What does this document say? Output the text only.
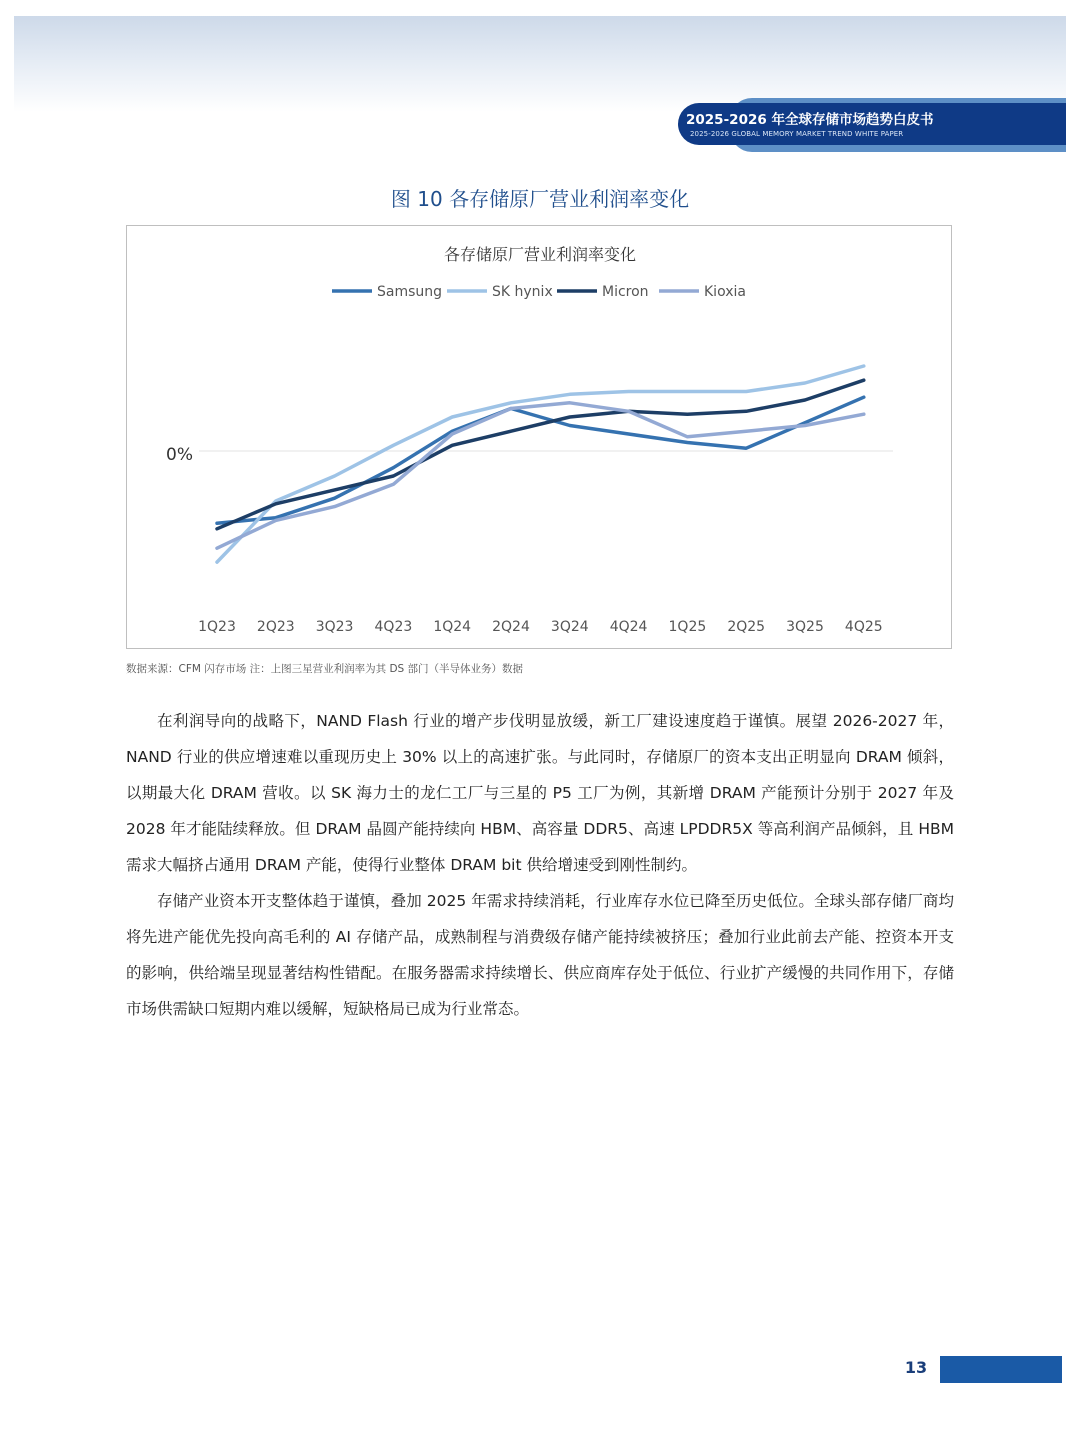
2025-2026 年全球存储市场趋势白皮书
2025-2026 GLOBAL MEMORY MARKET TREND WHITE PAPER
图 10 各存储原厂营业利润率变化
各存储原厂营业利润率变化
Samsung	SK hynix	Micron	Kioxia
0%
1Q23 2Q23 3Q23 4Q23 1Q24 2Q24 3Q24 4Q24 1Q25 2Q25 3Q25 4Q25
数据来源：CFM 闪存市场 注：上图三星营业利润率为其 DS 部门（半导体业务）数据

在利润导向的战略下，NAND Flash 行业的增产步伐明显放缓，新工厂建设速度趋于谨慎。展望 2026-2027 年，NAND 行业的供应增速难以重现历史上 30% 以上的高速扩张。与此同时，存储原厂的资本支出正明显向 DRAM 倾斜，以期最大化 DRAM 营收。以 SK 海力士的龙仁工厂与三星的 P5 工厂为例，其新增 DRAM 产能预计分别于 2027 年及 2028 年才能陆续释放。但 DRAM 晶圆产能持续向 HBM、高容量 DDR5、高速 LPDDR5X 等高利润产品倾斜，且 HBM 需求大幅挤占通用 DRAM 产能，使得行业整体 DRAM bit 供给增速受到刚性制约。

存储产业资本开支整体趋于谨慎，叠加 2025 年需求持续消耗，行业库存水位已降至历史低位。全球头部存储厂商均将先进产能优先投向高毛利的 AI 存储产品，成熟制程与消费级存储产能持续被挤压；叠加行业此前去产能、控资本开支的影响，供给端呈现显著结构性错配。在服务器需求持续增长、供应商库存处于低位、行业扩产缓慢的共同作用下，存储市场供需缺口短期内难以缓解，短缺格局已成为行业常态。

13
